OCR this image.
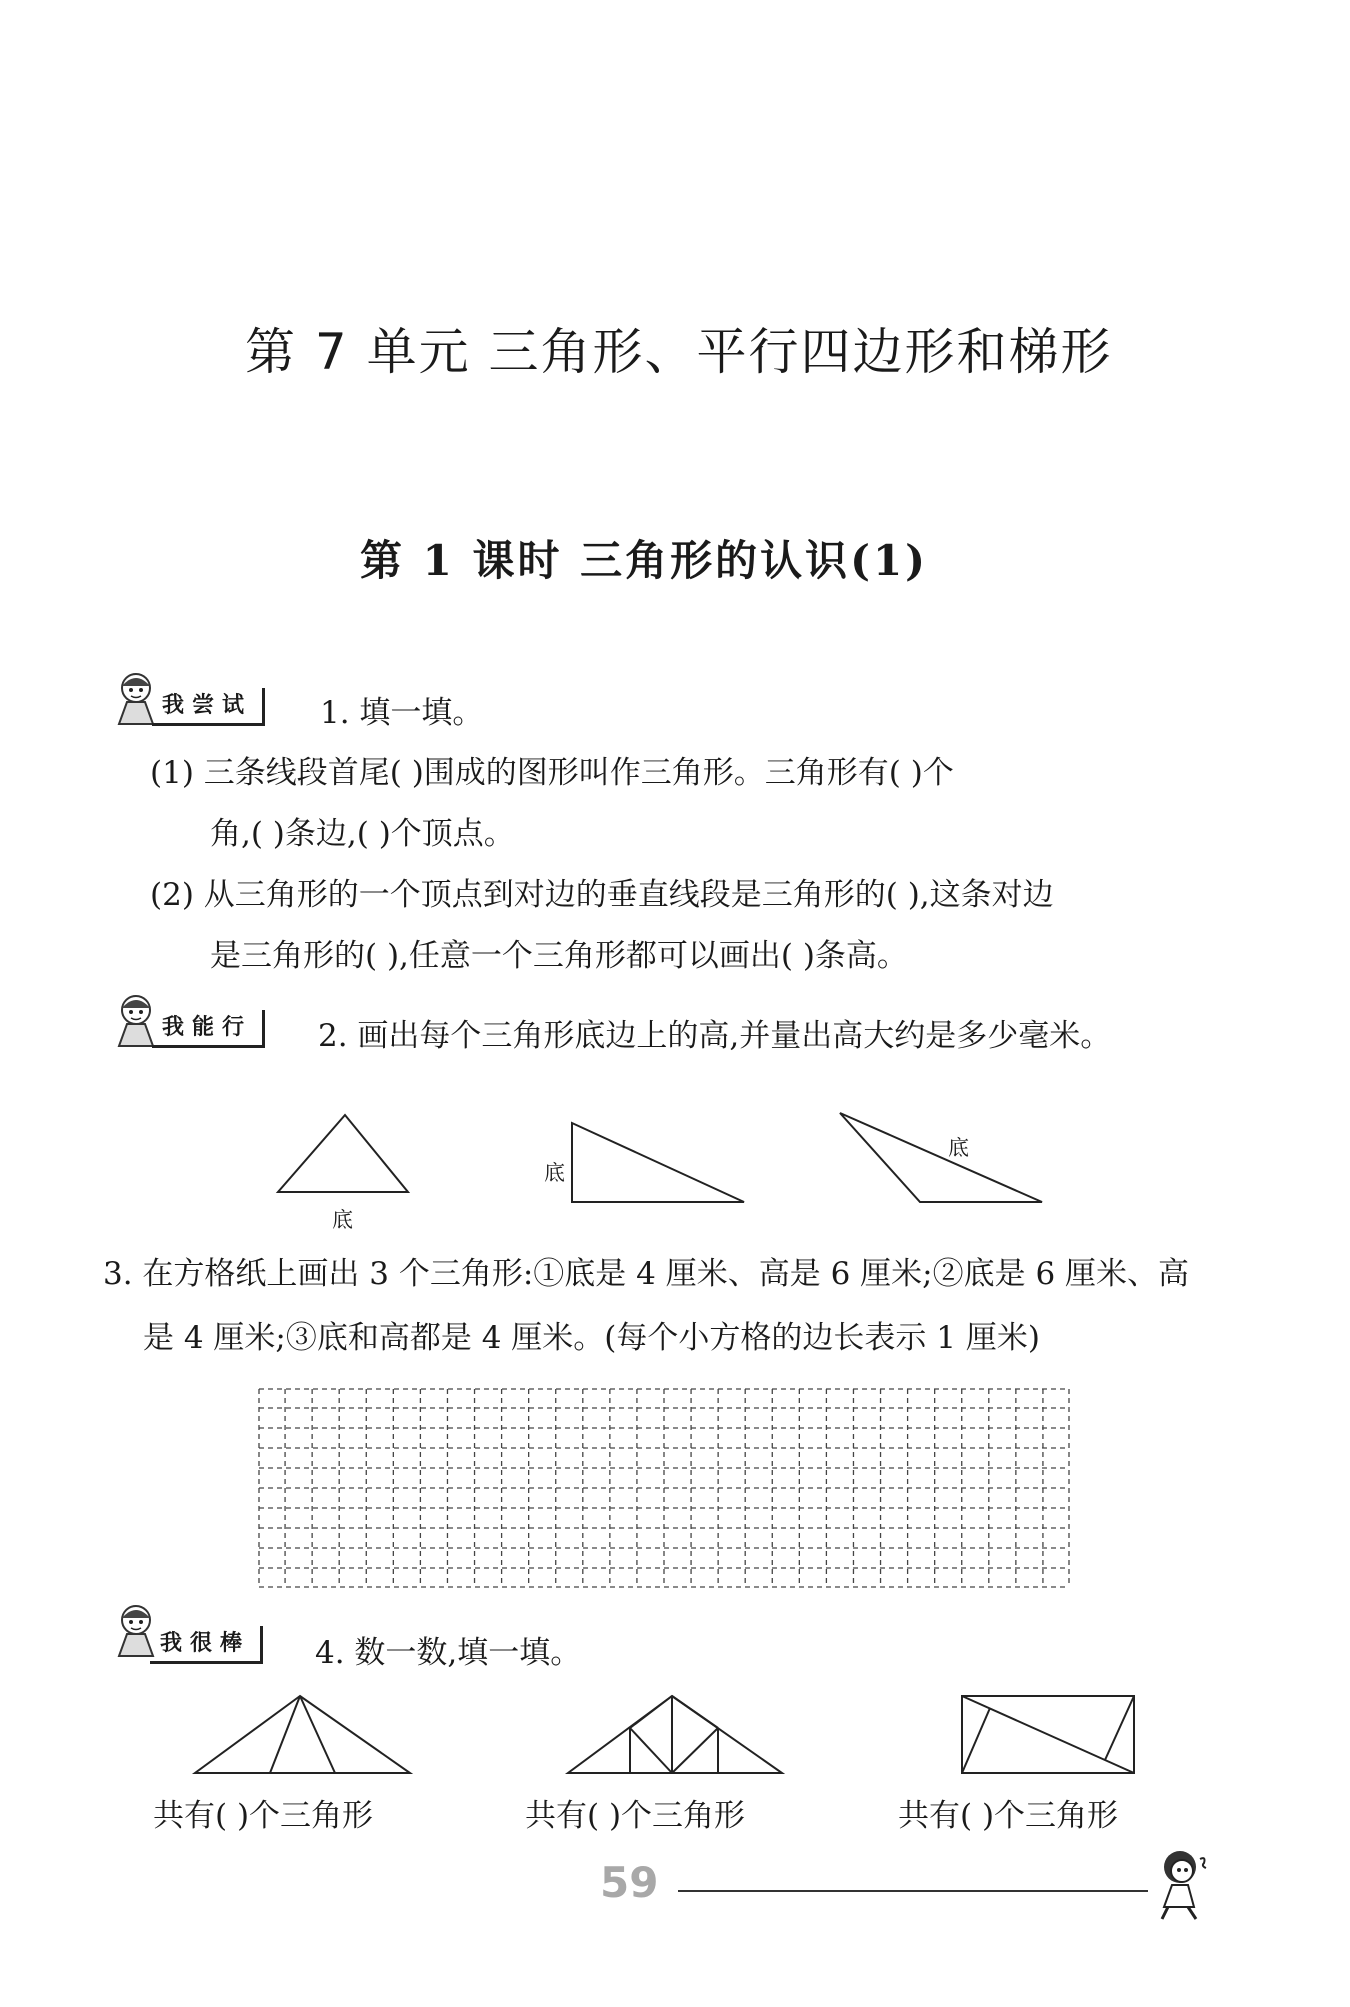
第 7 单元 三角形、平行四边形和梯形
第 1 课时 三角形的认识(1)
我尝试	1. 填一填。
(1) 三条线段首尾( )围成的图形叫作三角形。三角形有( )个
角,( )条边,( )个顶点。
(2) 从三角形的一个顶点到对边的垂直线段是三角形的( ),这条对边
是三角形的( ),任意一个三角形都可以画出( )条高。
我能行	2. 画出每个三角形底边上的高,并量出高大约是多少毫米。
底
底
底
3. 在方格纸上画出 3 个三角形:①底是 4 厘米、高是 6 厘米;②底是 6 厘米、高
是 4 厘米;③底和高都是 4 厘米。(每个小方格的边长表示 1 厘米)
我很棒	4. 数一数,填一填。
共有( )个三角形	共有( )个三角形	共有( )个三角形
59
